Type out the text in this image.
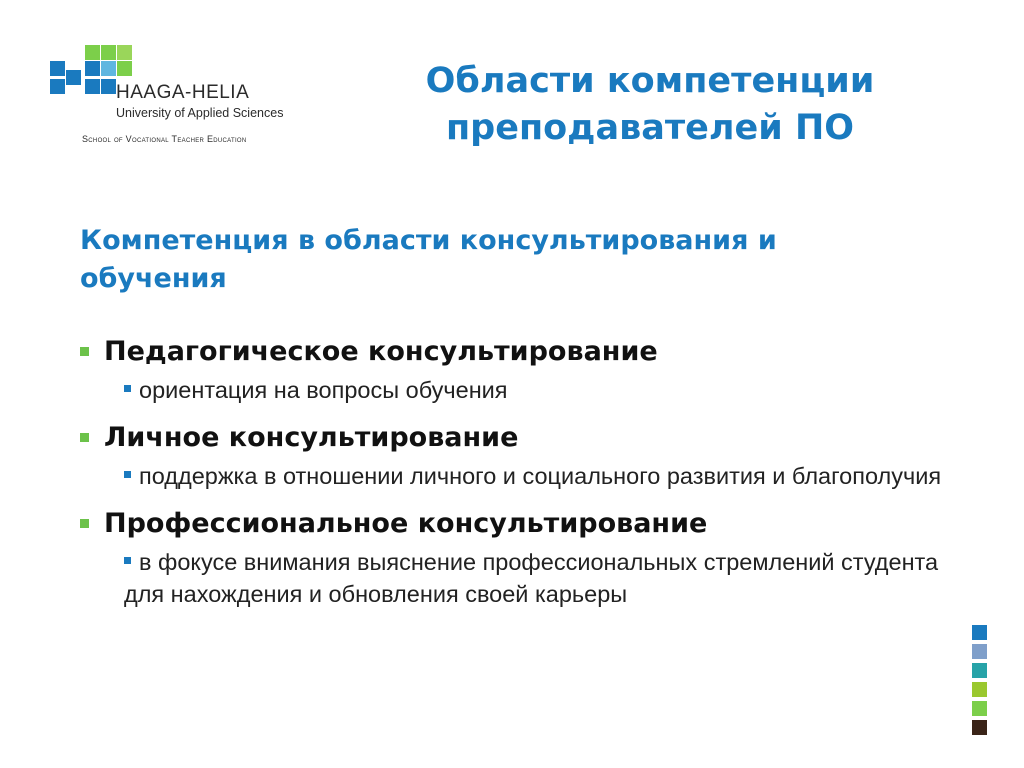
HAAGA-HELIA
University of Applied Sciences
School of Vocational Teacher Education
Области компетенции
преподавателей ПО
Компетенция в области консультирования и обучения
Педагогическое консультирование
ориентация на вопросы обучения
Личное консультирование
поддержка в отношении личного и социального развития и благополучия
Профессиональное консультирование
в фокусе внимания выяснение профессиональных стремлений студента для нахождения и обновления своей карьеры
